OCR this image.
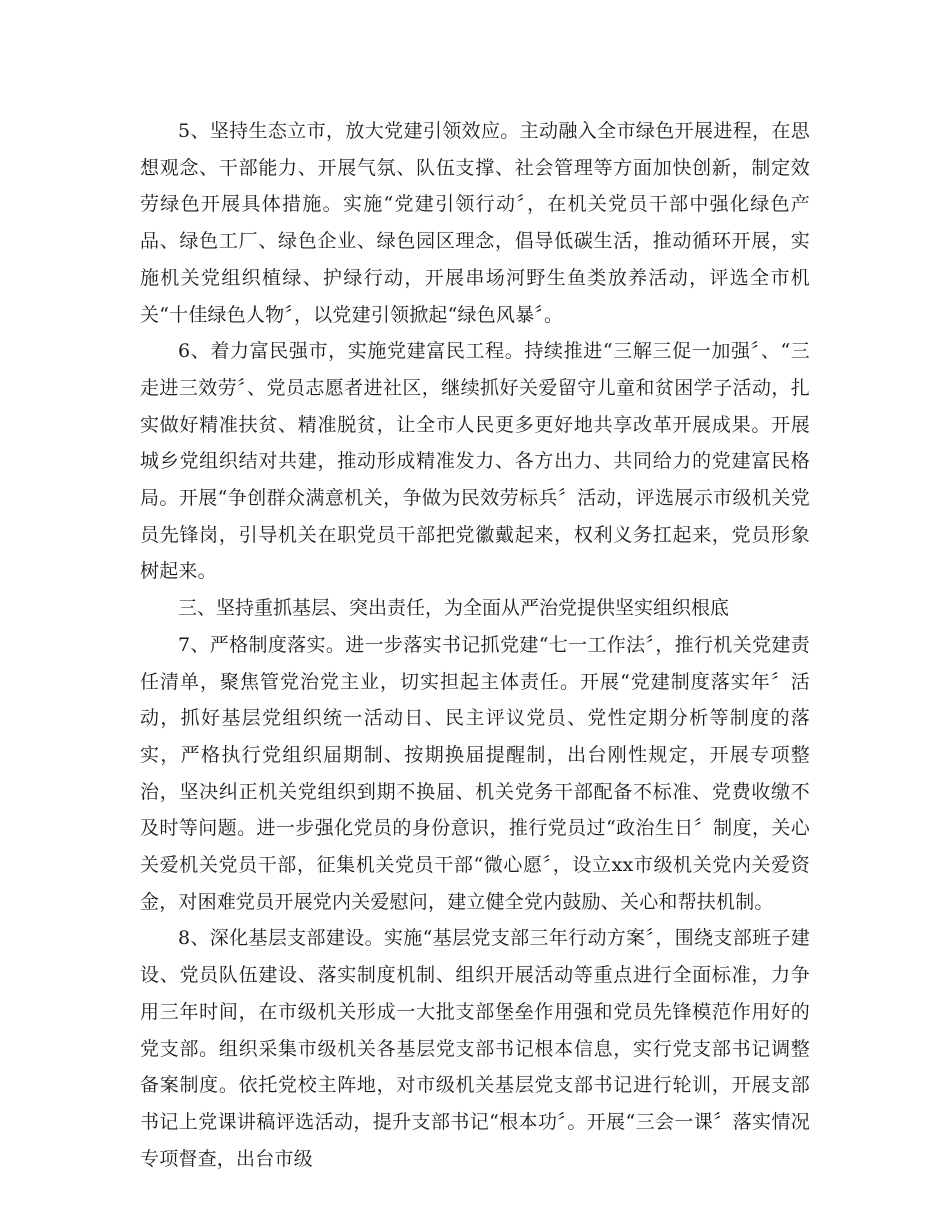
5、坚持生态立市，放大党建引领效应。主动融入全市绿色开展进程，在思想观念、干部能力、开展气氛、队伍支撑、社会管理等方面加快创新，制定效劳绿色开展具体措施。实施“党建引领行动〞，在机关党员干部中强化绿色产品、绿色工厂、绿色企业、绿色园区理念，倡导低碳生活，推动循环开展，实施机关党组织植绿、护绿行动，开展串场河野生鱼类放养活动，评选全市机关“十佳绿色人物〞，以党建引领掀起“绿色风暴〞。

6、着力富民强市，实施党建富民工程。持续推进“三解三促一加强〞、“三走进三效劳〞、党员志愿者进社区，继续抓好关爱留守儿童和贫困学子活动，扎实做好精准扶贫、精准脱贫，让全市人民更多更好地共享改革开展成果。开展城乡党组织结对共建，推动形成精准发力、各方出力、共同给力的党建富民格局。开展“争创群众满意机关，争做为民效劳标兵〞活动，评选展示市级机关党员先锋岗，引导机关在职党员干部把党徽戴起来，权利义务扛起来，党员形象树起来。

三、坚持重抓基层、突出责任，为全面从严治党提供坚实组织根底

7、严格制度落实。进一步落实书记抓党建“七一工作法〞，推行机关党建责任清单，聚焦管党治党主业，切实担起主体责任。开展“党建制度落实年〞活动，抓好基层党组织统一活动日、民主评议党员、党性定期分析等制度的落实，严格执行党组织届期制、按期换届提醒制，出台刚性规定，开展专项整治，坚决纠正机关党组织到期不换届、机关党务干部配备不标准、党费收缴不及时等问题。进一步强化党员的身份意识，推行党员过“政治生日〞制度，关心关爱机关党员干部，征集机关党员干部“微心愿〞，设立xx市级机关党内关爱资金，对困难党员开展党内关爱慰问，建立健全党内鼓励、关心和帮扶机制。

8、深化基层支部建设。实施“基层党支部三年行动方案〞，围绕支部班子建设、党员队伍建设、落实制度机制、组织开展活动等重点进行全面标准，力争用三年时间，在市级机关形成一大批支部堡垒作用强和党员先锋模范作用好的党支部。组织采集市级机关各基层党支部书记根本信息，实行党支部书记调整备案制度。依托党校主阵地，对市级机关基层党支部书记进行轮训，开展支部书记上党课讲稿评选活动，提升支部书记“根本功〞。开展“三会一课〞落实情况专项督查，出台市级
